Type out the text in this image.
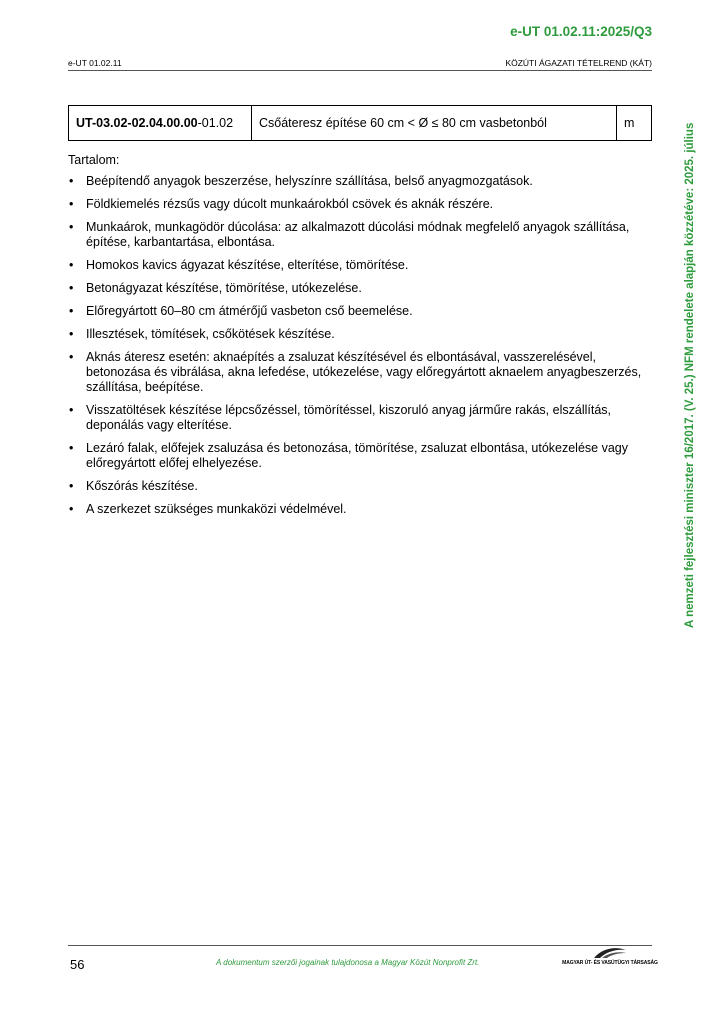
e-UT 01.02.11:2025/Q3
e-UT 01.02.11	KÖZÚTI ÁGAZATI TÉTELREND (KÁT)
A nemzeti fejlesztési miniszter 16/2017. (V. 25.) NFM rendelete alapján közzétéve: 2025. július
UT-03.02-02.04.00.00-01.02	Csőáteresz építése 60 cm < Ø ≤ 80 cm vasbetonból	m
Tartalom:
• Beépítendő anyagok beszerzése, helyszínre szállítása, belső anyagmozgatások.
• Földkiemelés rézsűs vagy dúcolt munkaárokból csövek és aknák részére.
• Munkaárok, munkagödör dúcolása: az alkalmazott dúcolási módnak megfelelő anyagok szállítása, építése, karbantartása, elbontása.
• Homokos kavics ágyazat készítése, elterítése, tömörítése.
• Betonágyazat készítése, tömörítése, utókezelése.
• Előregyártott 60–80 cm átmérőjű vasbeton cső beemelése.
• Illesztések, tömítések, csőkötések készítése.
• Aknás áteresz esetén: aknaépítés a zsaluzat készítésével és elbontásával, vasszerelésével, betonozása és vibrálása, akna lefedése, utókezelése, vagy előregyártott aknaelem anyagbeszerzés, szállítása, beépítése.
• Visszatöltések készítése lépcsőzéssel, tömörítéssel, kiszoruló anyag járműre rakás, elszállítás, deponálás vagy elterítése.
• Lezáró falak, előfejek zsaluzása és betonozása, tömörítése, zsaluzat elbontása, utókezelése vagy előregyártott előfej elhelyezése.
• Kőszórás készítése.
• A szerkezet szükséges munkaközi védelmével.
56	A dokumentum szerzői jogainak tulajdonosa a Magyar Közút Nonprofit Zrt.	MAGYAR ÚT- ÉS VASÚTÜGYI TÁRSASÁG
